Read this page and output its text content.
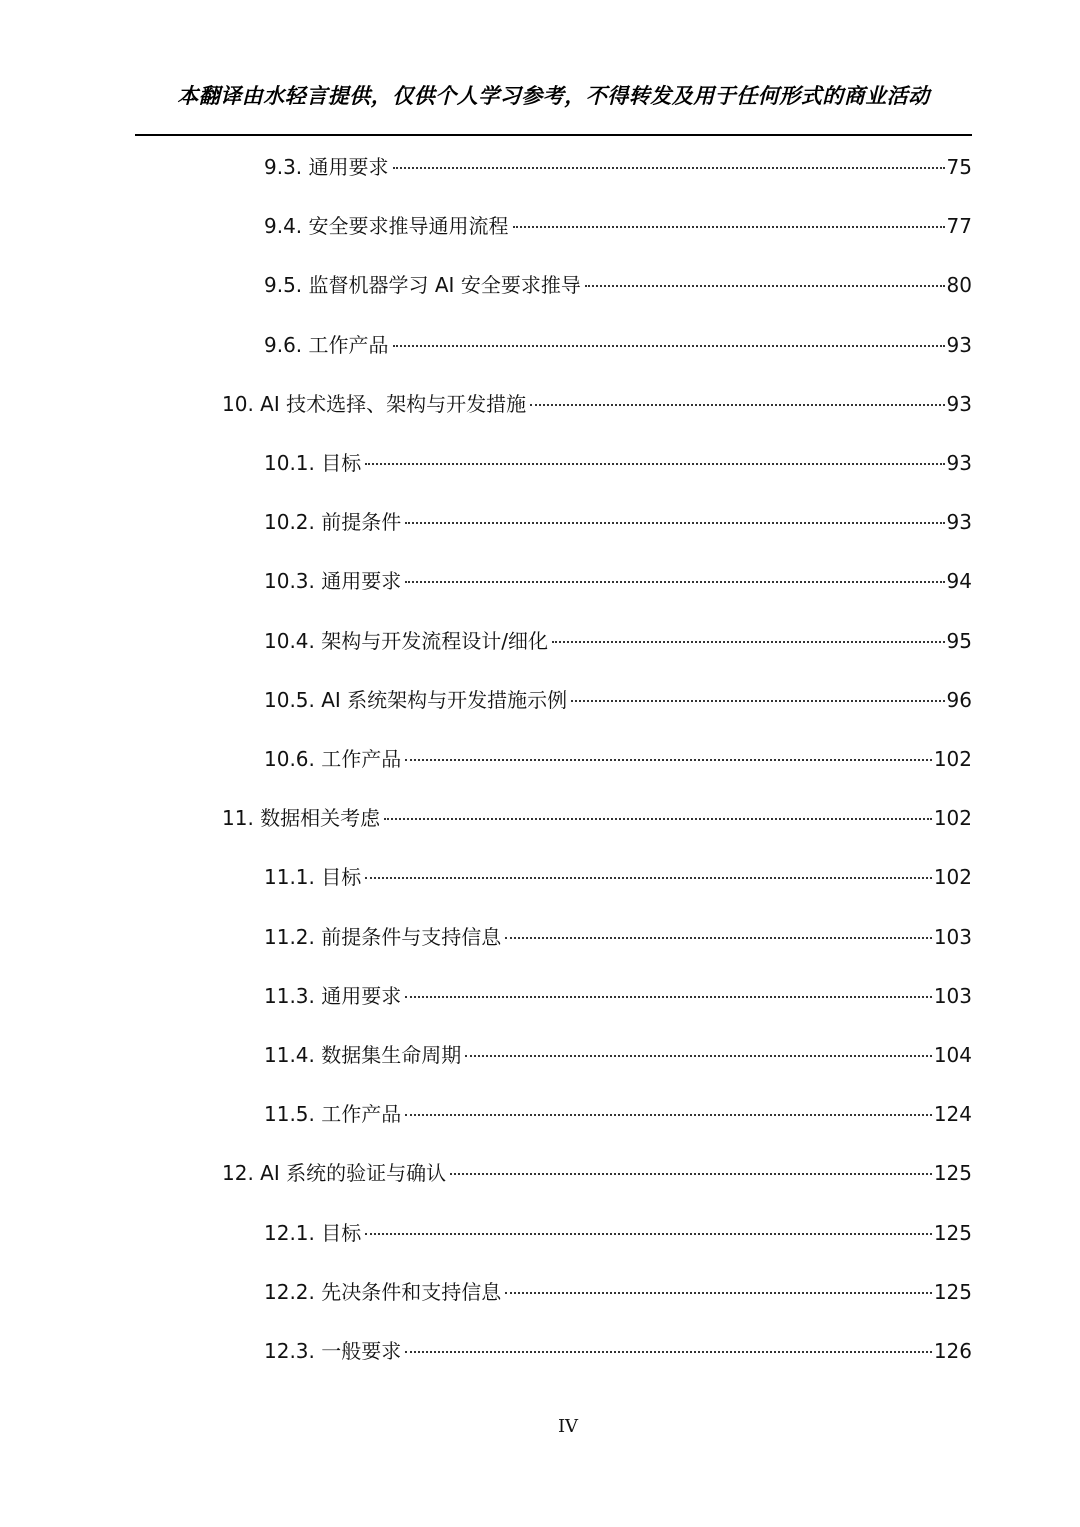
本翻译由水轻言提供，仅供个人学习参考，不得转发及用于任何形式的商业活动
9.3. 通用要求	75
9.4. 安全要求推导通用流程	77
9.5. 监督机器学习 AI 安全要求推导	80
9.6. 工作产品	93
10. AI 技术选择、架构与开发措施	93
10.1. 目标	93
10.2. 前提条件	93
10.3. 通用要求	94
10.4. 架构与开发流程设计/细化	95
10.5. AI 系统架构与开发措施示例	96
10.6. 工作产品	102
11. 数据相关考虑	102
11.1. 目标	102
11.2. 前提条件与支持信息	103
11.3. 通用要求	103
11.4. 数据集生命周期	104
11.5. 工作产品	124
12. AI 系统的验证与确认	125
12.1. 目标	125
12.2. 先决条件和支持信息	125
12.3. 一般要求	126
IV
